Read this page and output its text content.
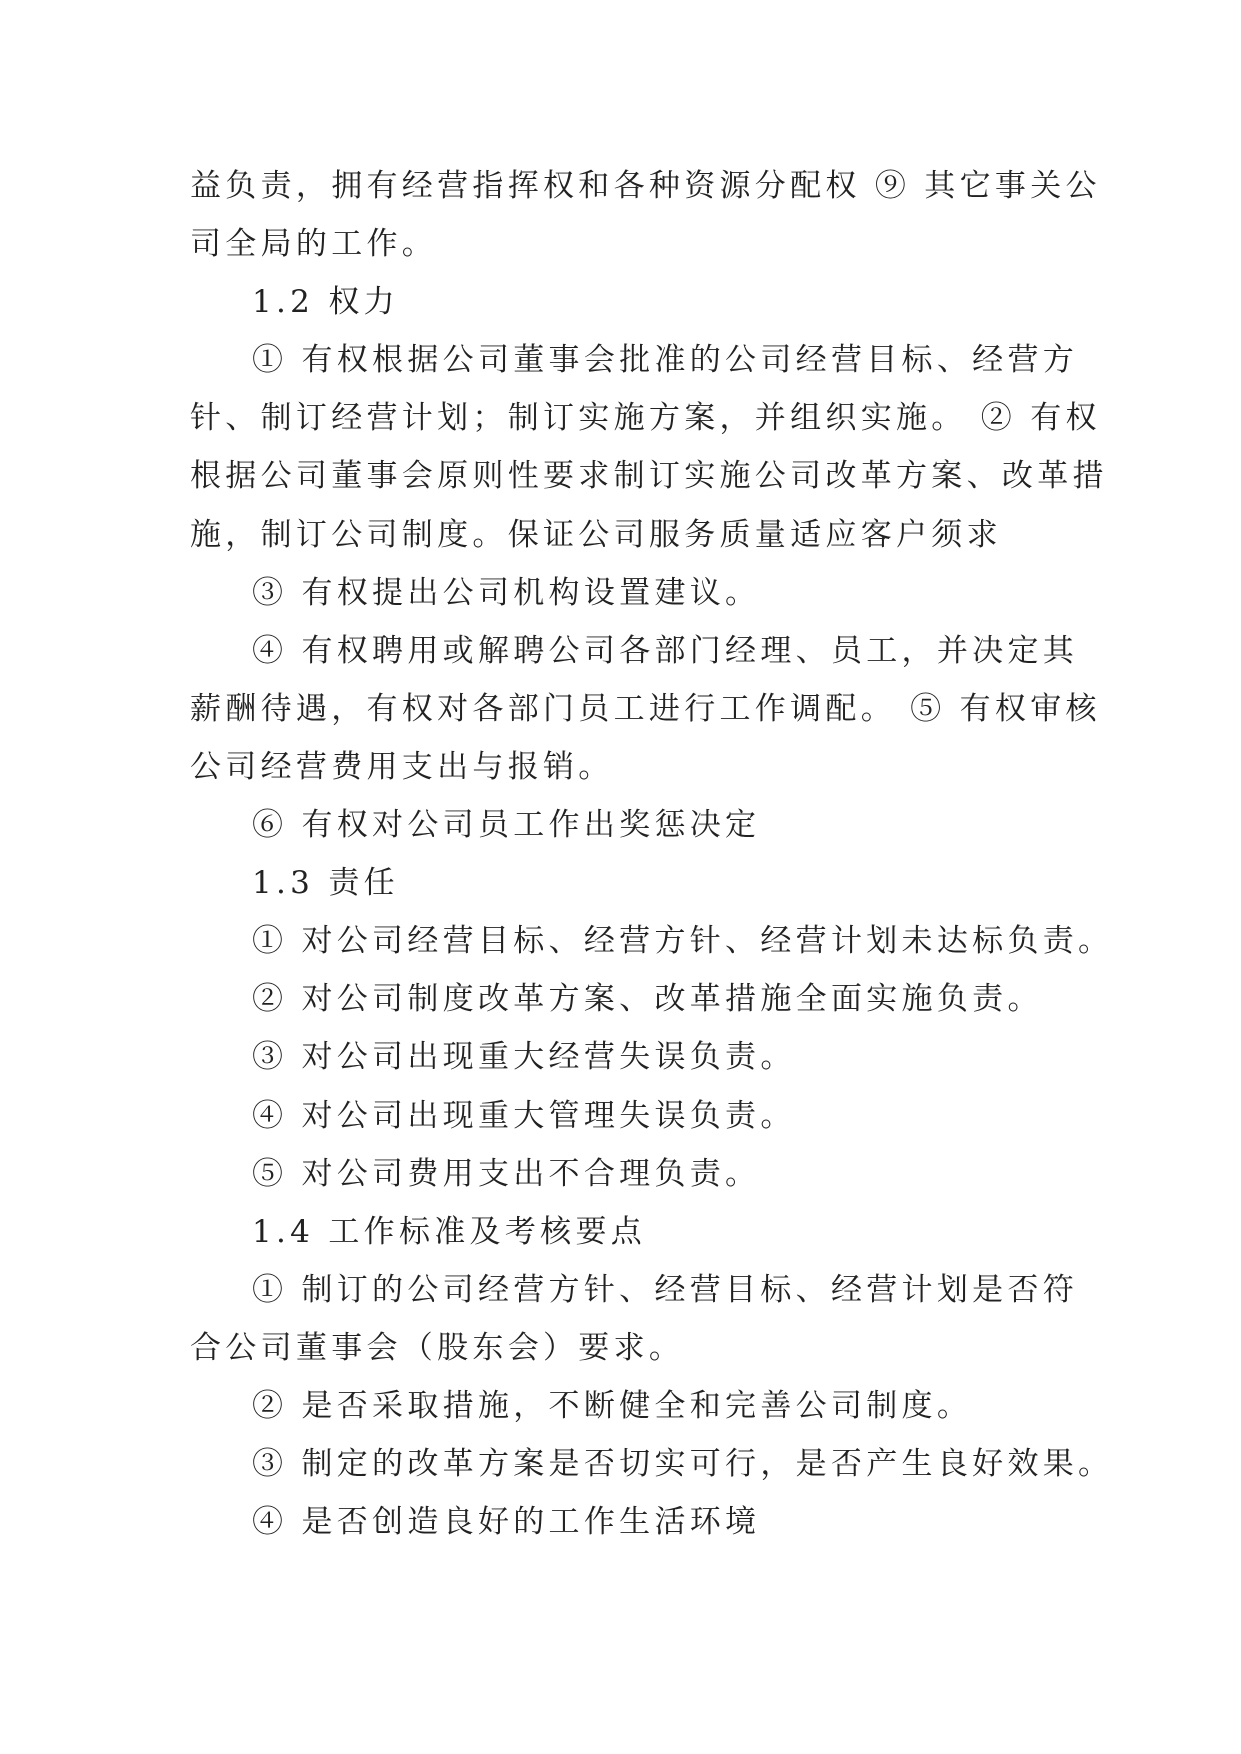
益负责，拥有经营指挥权和各种资源分配权 ⑨ 其它事关公
司全局的工作。
1.2 权力
① 有权根据公司董事会批准的公司经营目标、经营方
针、制订经营计划；制订实施方案，并组织实施。 ② 有权
根据公司董事会原则性要求制订实施公司改革方案、改革措
施，制订公司制度。保证公司服务质量适应客户须求
③ 有权提出公司机构设置建议。
④ 有权聘用或解聘公司各部门经理、员工，并决定其
薪酬待遇，有权对各部门员工进行工作调配。 ⑤ 有权审核
公司经营费用支出与报销。
⑥ 有权对公司员工作出奖惩决定
1.3 责任
① 对公司经营目标、经营方针、经营计划未达标负责。
② 对公司制度改革方案、改革措施全面实施负责。
③ 对公司出现重大经营失误负责。
④ 对公司出现重大管理失误负责。
⑤ 对公司费用支出不合理负责。
1.4 工作标准及考核要点
① 制订的公司经营方针、经营目标、经营计划是否符
合公司董事会（股东会）要求。
② 是否采取措施，不断健全和完善公司制度。
③ 制定的改革方案是否切实可行，是否产生良好效果。
④ 是否创造良好的工作生活环境
